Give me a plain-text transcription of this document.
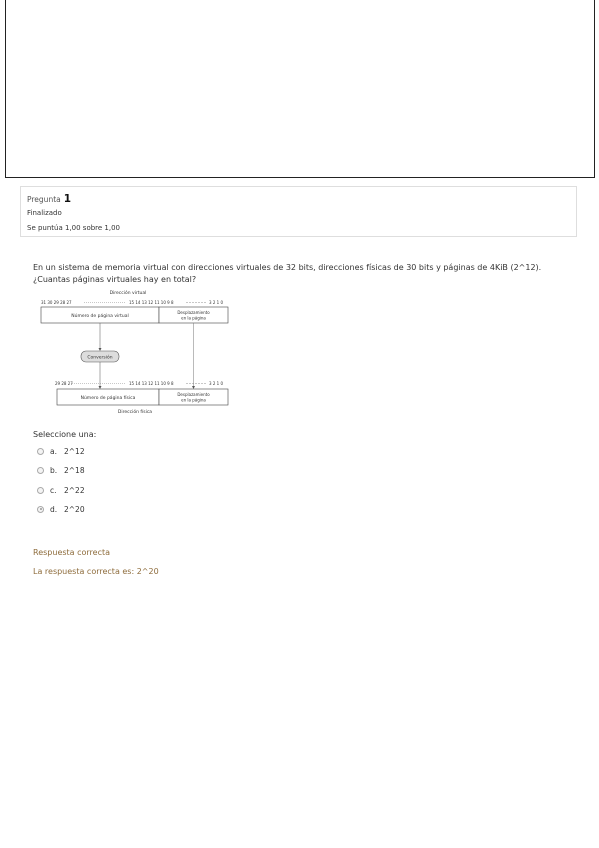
Pregunta 1
Finalizado
Se puntúa 1,00 sobre 1,00
En un sistema de memoria virtual con direcciones virtuales de 32 bits, direcciones físicas de 30 bits y páginas de 4KiB (2^12). ¿Cuantas páginas virtuales hay en total?
Dirección virtual
31 30 29 28 27	15 14 13 12 11 10 9 8	3 2 1 0
Número de página virtual
Desplazamiento
en la página
Conversión
29 28 27	15 14 13 12 11 10 9 8	3 2 1 0
Número de página física
Desplazamiento
en la página
Dirección física
Seleccione una:
a. 2^12
b. 2^18
c. 2^22
d. 2^20
Respuesta correcta
La respuesta correcta es: 2^20
